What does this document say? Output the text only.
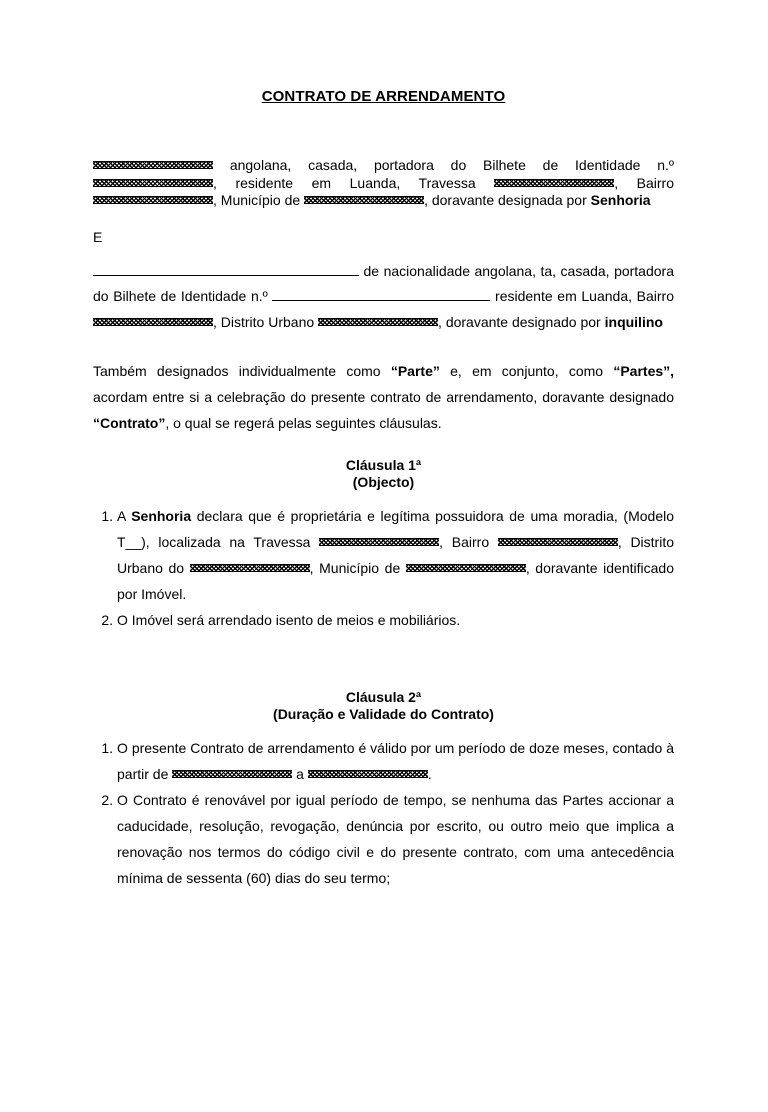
CONTRATO DE ARRENDAMENTO

angolana, casada, portadora do Bilhete de Identidade n.º , residente em Luanda, Travessa	, Bairro , Município de	, doravante designada por Senhoria

E

de nacionalidade angolana, ta, casada, portadora do Bilhete de Identidade n.º	residente em Luanda, Bairro , Distrito Urbano	, doravante designado por inquilino

Também designados individualmente como “Parte” e, em conjunto, como “Partes”, acordam entre si a celebração do presente contrato de arrendamento, doravante designado “Contrato”, o qual se regerá pelas seguintes cláusulas.

Cláusula 1ª
(Objecto)
1. A Senhoria declara que é proprietária e legítima possuidora de uma moradia, (Modelo T__), localizada na Travessa	, Bairro	, Distrito Urbano do	, Município de	, doravante identificado por Imóvel.
2. O Imóvel será arrendado isento de meios e mobiliários.
Cláusula 2ª
(Duração e Validade do Contrato)
1. O presente Contrato de arrendamento é válido por um período de doze meses, contado à partir de	a	.
2. O Contrato é renovável por igual período de tempo, se nenhuma das Partes accionar a caducidade, resolução, revogação, denúncia por escrito, ou outro meio que implica a renovação nos termos do código civil e do presente contrato, com uma antecedência mínima de sessenta (60) dias do seu termo;
